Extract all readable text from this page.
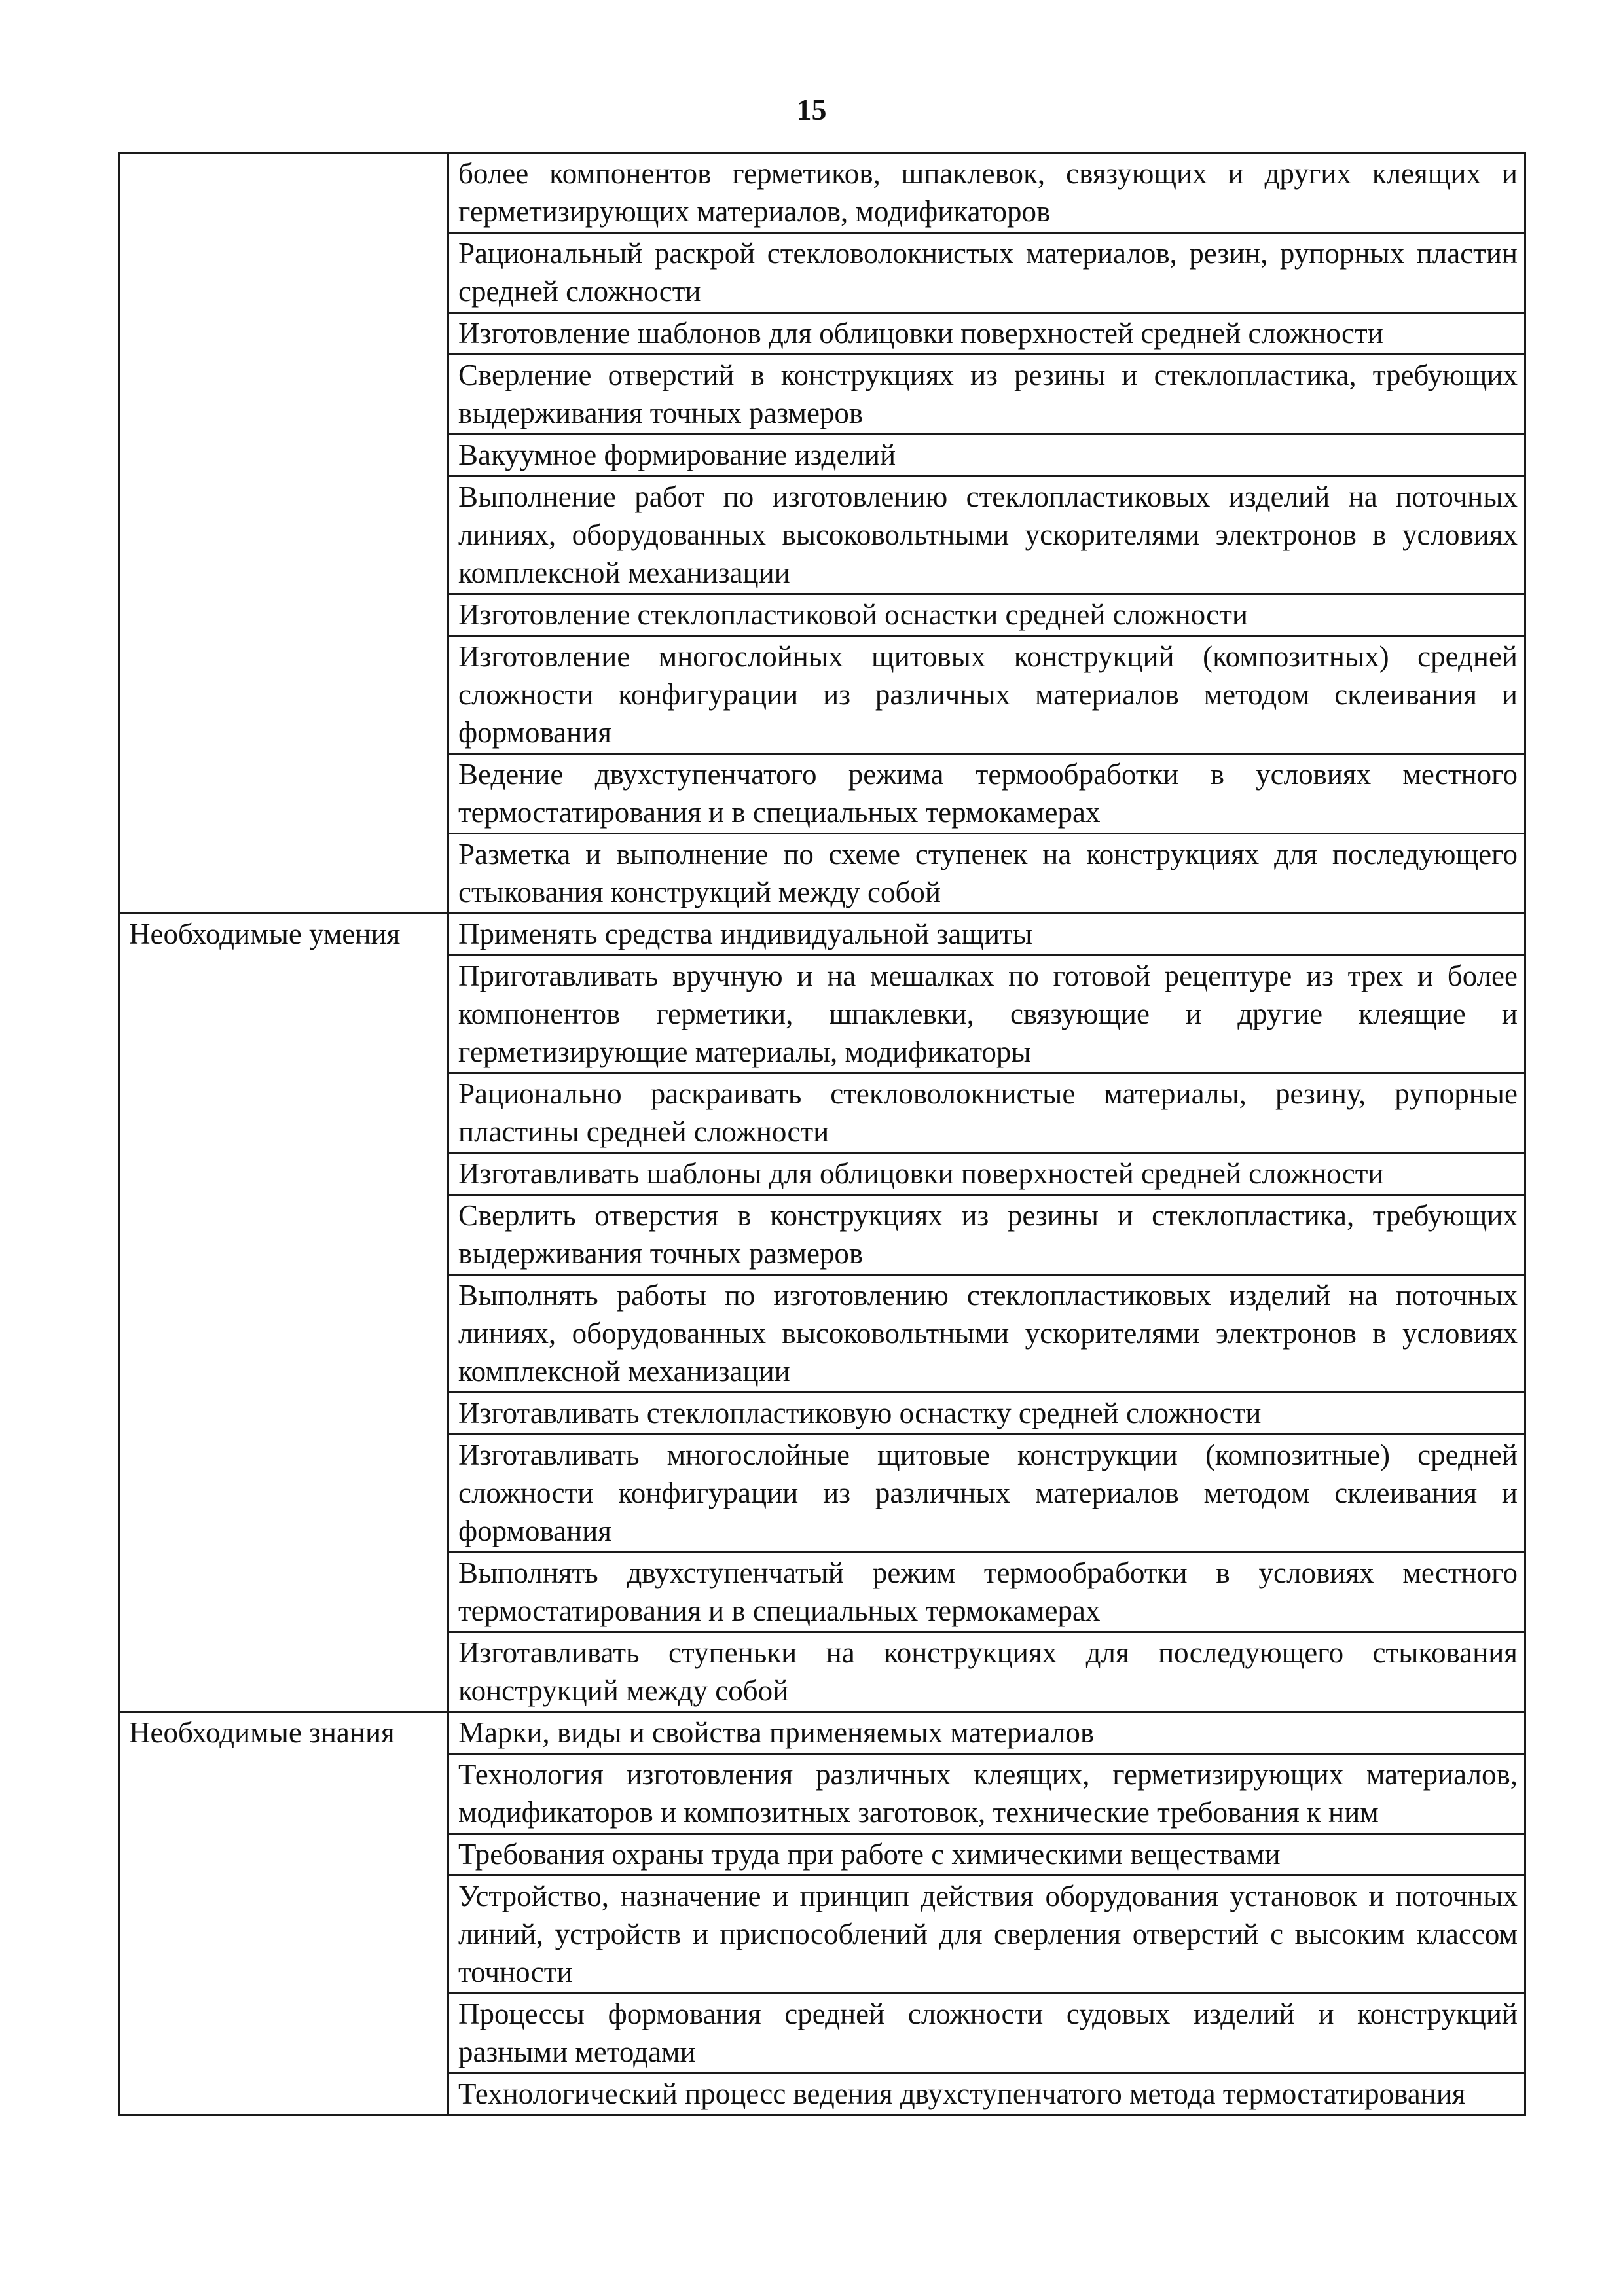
15
	более компонентов герметиков, шпаклевок, связующих и других клеящих и герметизирующих материалов, модификаторов
	Рациональный раскрой стекловолокнистых материалов, резин, рупорных пластин средней сложности
	Изготовление шаблонов для облицовки поверхностей средней сложности
	Сверление отверстий в конструкциях из резины и стеклопластика, требующих выдерживания точных размеров
	Вакуумное формирование изделий
	Выполнение работ по изготовлению стеклопластиковых изделий на поточных линиях, оборудованных высоковольтными ускорителями электронов в условиях комплексной механизации
	Изготовление стеклопластиковой оснастки средней сложности
	Изготовление многослойных щитовых конструкций (композитных) средней сложности конфигурации из различных материалов методом склеивания и формования
	Ведение двухступенчатого режима термообработки в условиях местного термостатирования и в специальных термокамерах
	Разметка и выполнение по схеме ступенек на конструкциях для последующего стыкования конструкций между собой
Необходимые умения	Применять средства индивидуальной защиты
	Приготавливать вручную и на мешалках по готовой рецептуре из трех и более компонентов герметики, шпаклевки, связующие и другие клеящие и герметизирующие материалы, модификаторы
	Рационально раскраивать стекловолокнистые материалы, резину, рупорные пластины средней сложности
	Изготавливать шаблоны для облицовки поверхностей средней сложности
	Сверлить отверстия в конструкциях из резины и стеклопластика, требующих выдерживания точных размеров
	Выполнять работы по изготовлению стеклопластиковых изделий на поточных линиях, оборудованных высоковольтными ускорителями электронов в условиях комплексной механизации
	Изготавливать стеклопластиковую оснастку средней сложности
	Изготавливать многослойные щитовые конструкции (композитные) средней сложности конфигурации из различных материалов методом склеивания и формования
	Выполнять двухступенчатый режим термообработки в условиях местного термостатирования и в специальных термокамерах
	Изготавливать ступеньки на конструкциях для последующего стыкования конструкций между собой
Необходимые знания	Марки, виды и свойства применяемых материалов
	Технология изготовления различных клеящих, герметизирующих материалов, модификаторов и композитных заготовок, технические требования к ним
	Требования охраны труда при работе с химическими веществами
	Устройство, назначение и принцип действия оборудования установок и поточных линий, устройств и приспособлений для сверления отверстий с высоким классом точности
	Процессы формования средней сложности судовых изделий и конструкций разными методами
	Технологический процесс ведения двухступенчатого метода термостатирования
